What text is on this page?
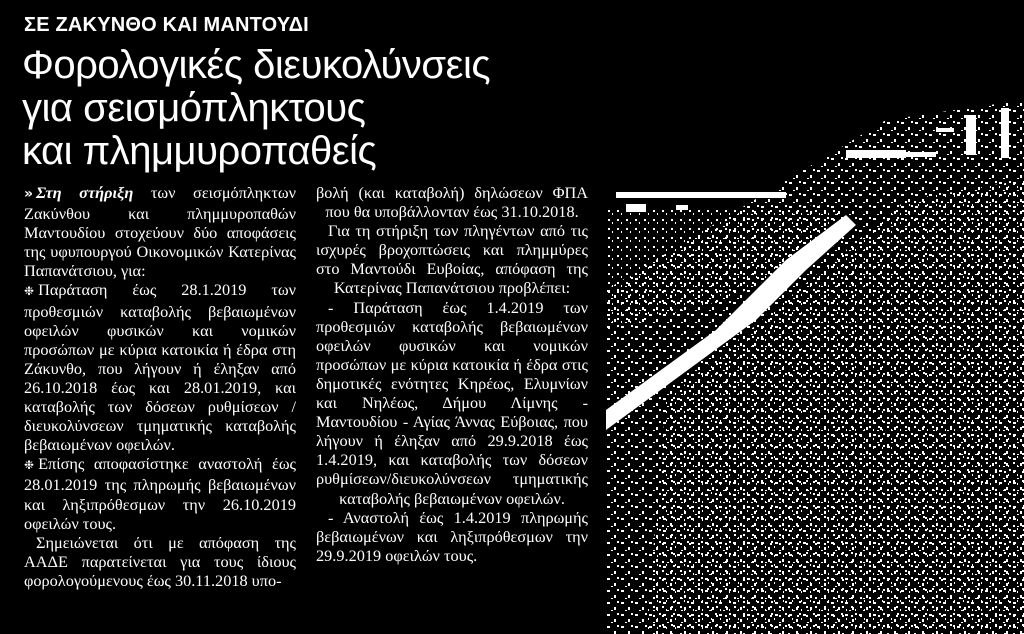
ΣΕ ΖΑΚΥΝΘΟ ΚΑΙ ΜΑΝΤΟΥΔΙ
Φορολογικές διευκολύνσεις
για σεισμόπληκτους
και πλημμυροπαθείς

» Στη στήριξη των σεισμόπληκτων Ζακύνθου και πλημμυροπαθών Μαντουδίου στοχεύουν δύο αποφάσεις της υφυπουργού Οικονομικών Κατερίνας Παπανάτσιου, για:

❉ Παράταση έως 28.1.2019 των προθεσμιών καταβολής βεβαιωμένων οφειλών φυσικών και νομικών προσώπων με κύρια κατοικία ή έδρα στη Ζάκυνθο, που λήγουν ή έληξαν από 26.10.2018 έως και 28.01.2019, και καταβολής των δόσεων ρυθμίσεων / διευκολύνσεων τμηματικής καταβολής βεβαιωμένων οφειλών.

❉ Επίσης αποφασίστηκε αναστολή έως 28.01.2019 της πληρωμής βεβαιωμένων και ληξιπρόθεσμων την 26.10.2019 οφειλών τους.

Σημειώνεται ότι με απόφαση της ΑΑΔΕ παρατείνεται για τους ίδιους φορολογούμενους έως 30.11.2018 υπο-

βολή (και καταβολή) δηλώσεων ΦΠΑ που θα υποβάλλονταν έως 31.10.2018.

Για τη στήριξη των πληγέντων από τις ισχυρές βροχοπτώσεις και πλημμύρες στο Μαντούδι Ευβοίας, απόφαση της Κατερίνας Παπανάτσιου προβλέπει:

- Παράταση έως 1.4.2019 των προθεσμιών καταβολής βεβαιωμένων οφειλών φυσικών και νομικών προσώπων με κύρια κατοικία ή έδρα στις δημοτικές ενότητες Κηρέως, Ελυμνίων και Νηλέως, Δήμου Λίμνης - Μαντουδίου - Αγίας Άννας Εύβοιας, που λήγουν ή έληξαν από 29.9.2018 έως 1.4.2019, και καταβολής των δόσεων ρυθμίσεων/διευκολύνσεων τμηματικής καταβολής βεβαιωμένων οφειλών.

- Αναστολή έως 1.4.2019 πληρωμής βεβαιωμένων και ληξιπρόθεσμων την 29.9.2019 οφειλών τους.
